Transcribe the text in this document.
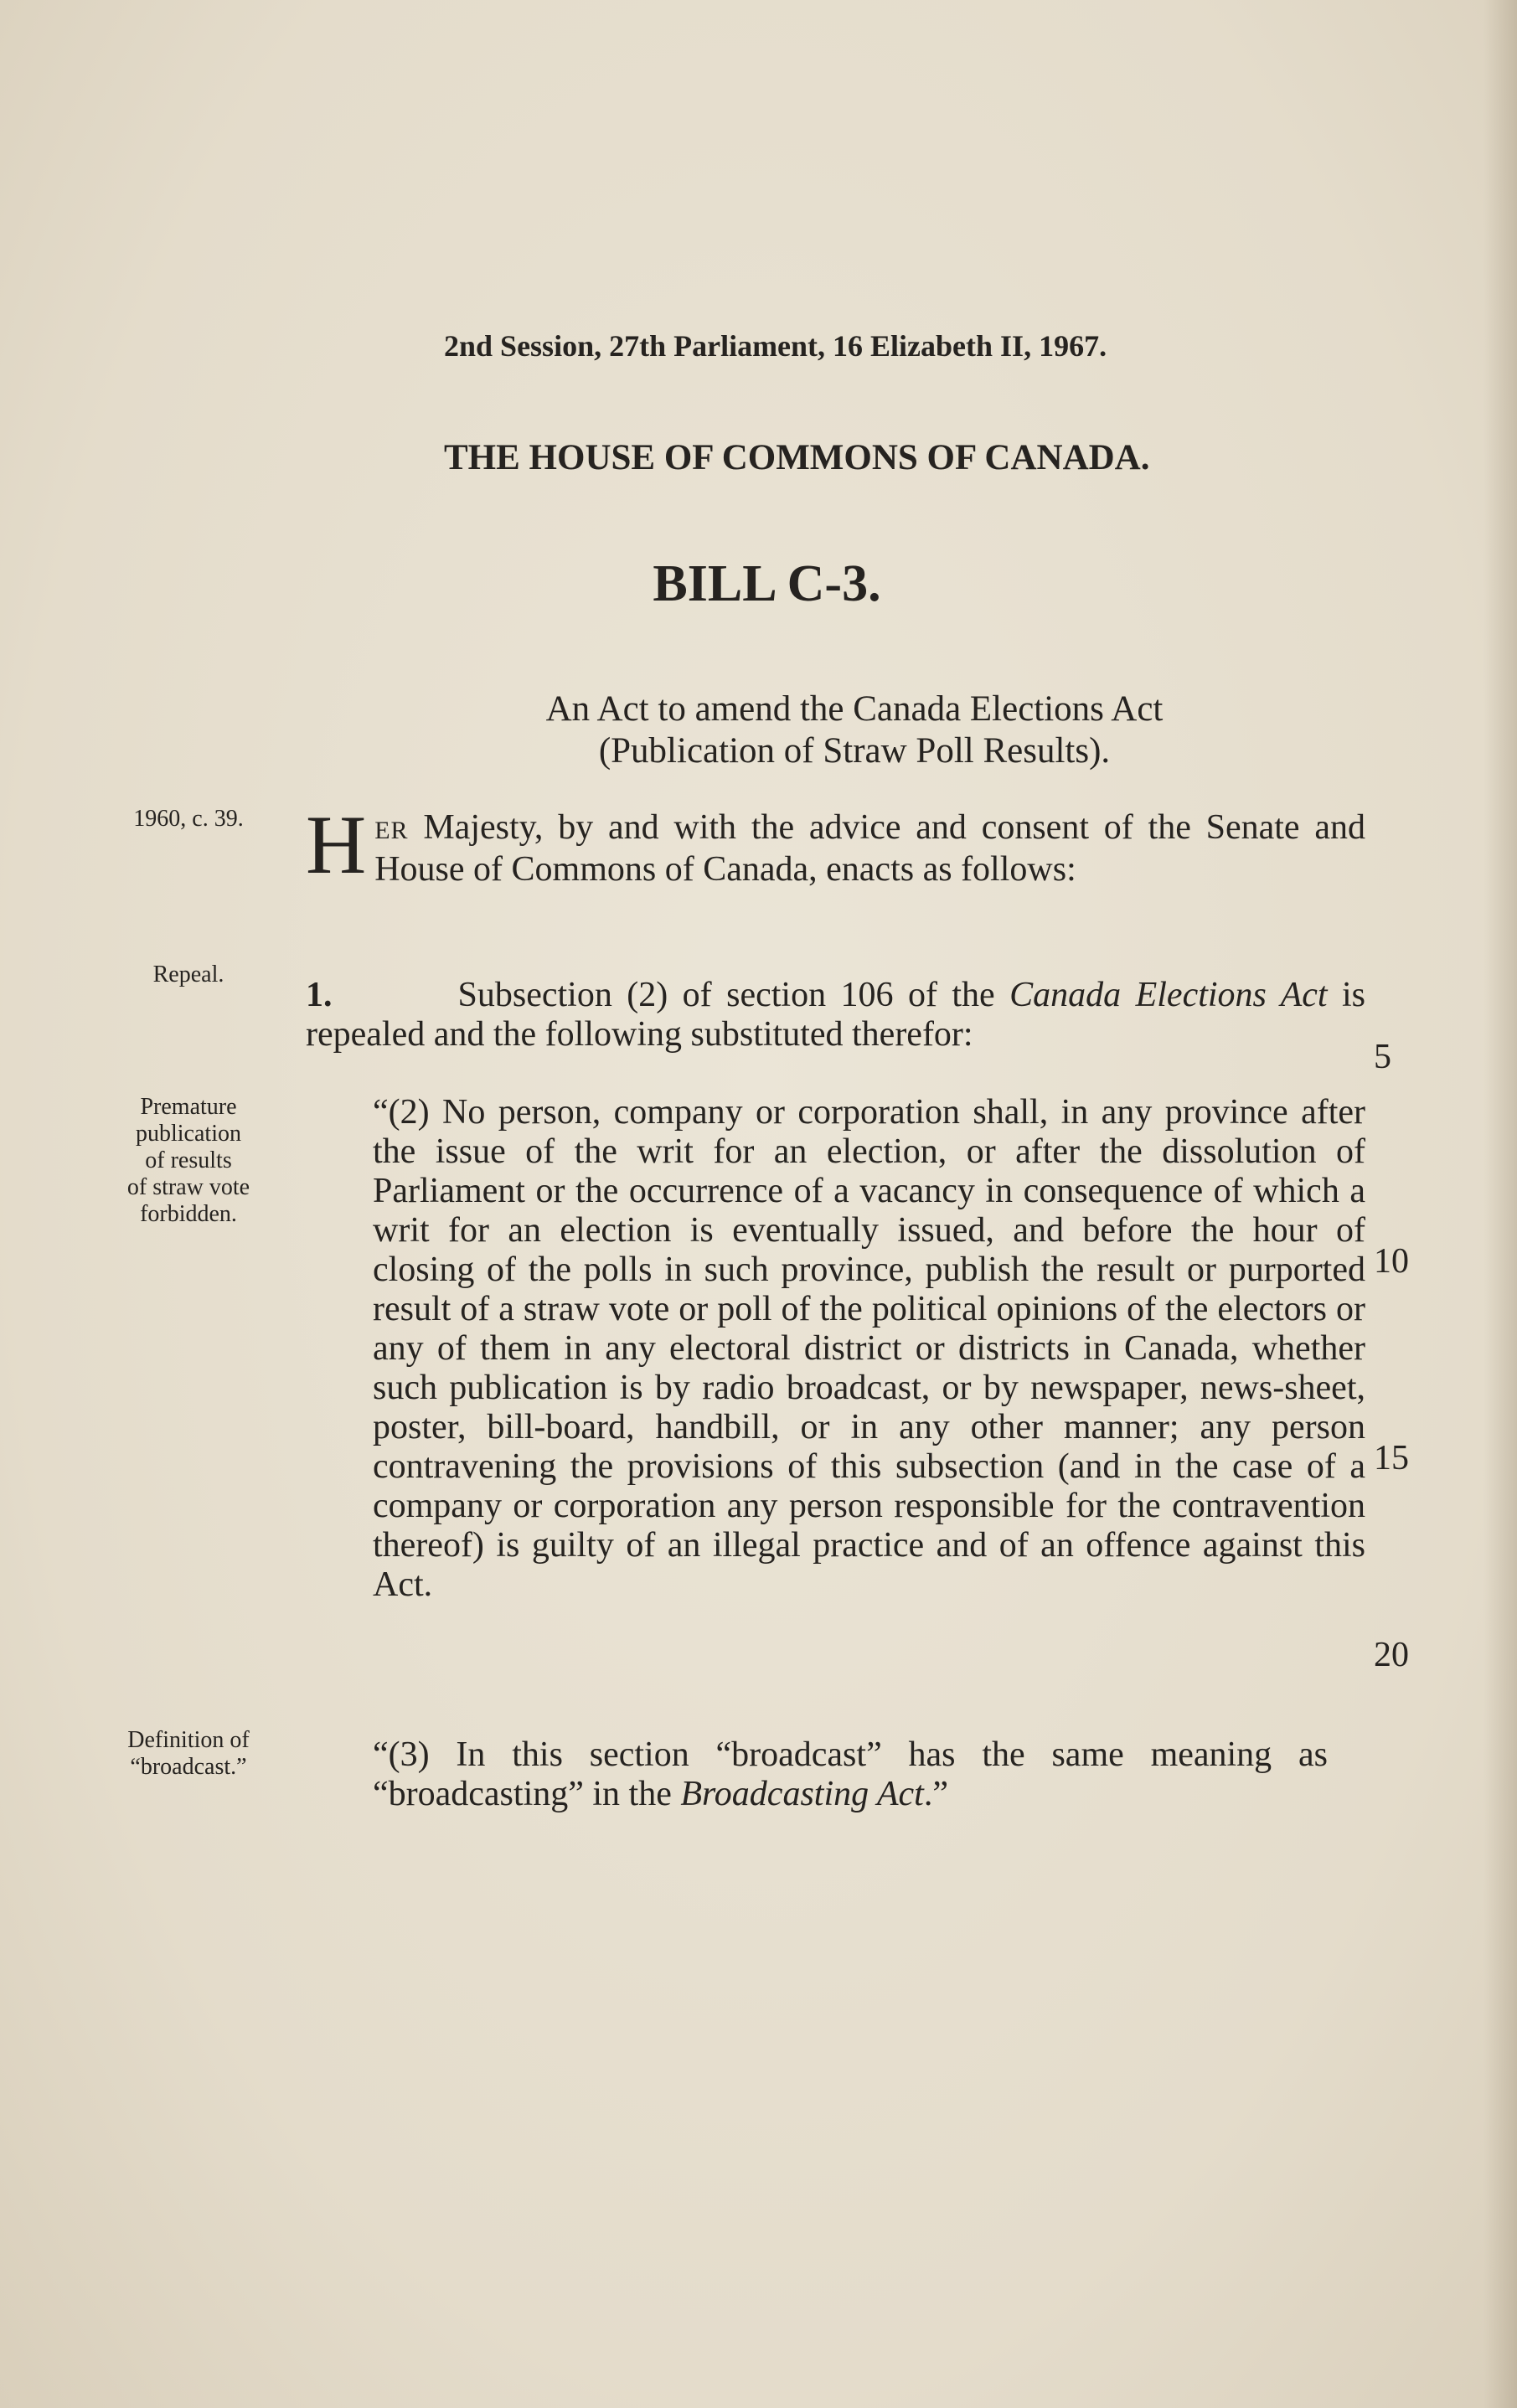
2nd Session, 27th Parliament, 16 Elizabeth II, 1967.
THE HOUSE OF COMMONS OF CANADA.
BILL C-3.
An Act to amend the Canada Elections Act
(Publication of Straw Poll Results).
1960, c. 39.
Repeal.
Premature
publication
of results
of straw vote
forbidden.
Definition of
“broadcast.”
HER Majesty, by and with the advice and consent of the Senate and House of Commons of Canada, enacts as follows:
1.	Subsection (2) of section 106 of the Canada Elections Act is repealed and the following substituted therefor:
“(2) No person, company or corporation shall, in any province after the issue of the writ for an election, or after the dissolution of Parliament or the occurrence of a vacancy in consequence of which a writ for an election is eventually issued, and before the hour of closing of the polls in such province, publish the result or purported result of a straw vote or poll of the political opinions of the electors or any of them in any electoral district or districts in Canada, whether such publication is by radio broadcast, or by newspaper, news-sheet, poster, bill-board, handbill, or in any other manner; any person contravening the provisions of this subsection (and in the case of a company or corporation any person responsible for the contravention thereof) is guilty of an illegal practice and of an offence against this Act.
“(3) In this section “broadcast” has the same meaning as “broadcasting” in the Broadcasting Act.”
5
10
15
20
